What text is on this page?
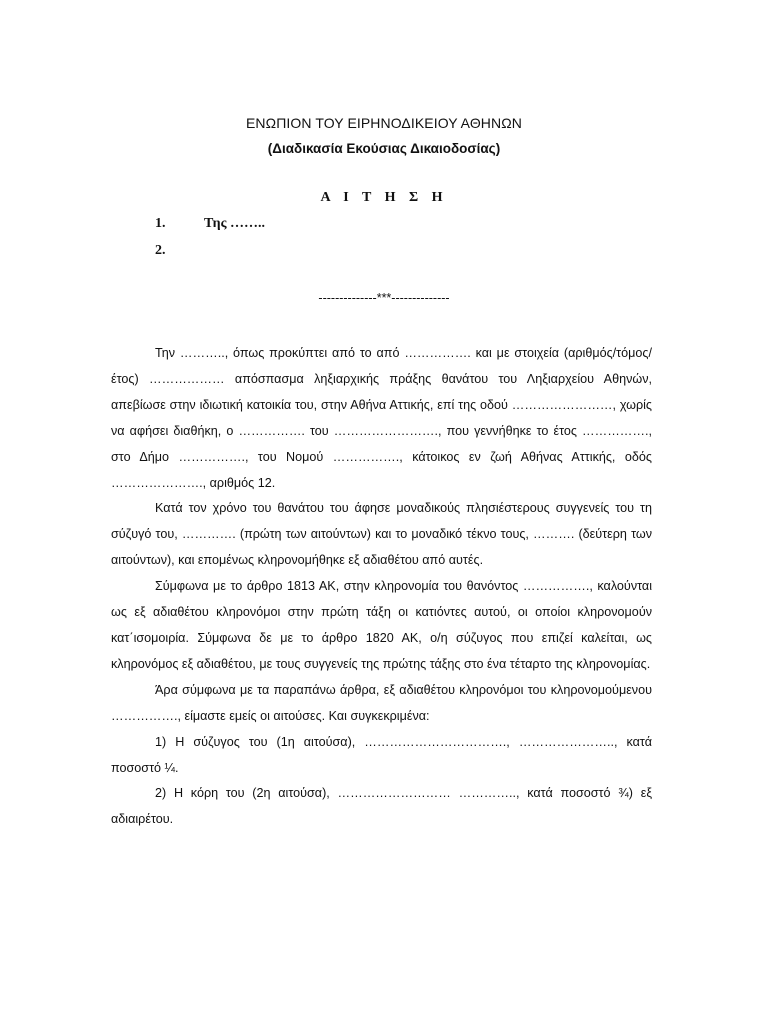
ΕΝΩΠΙΟΝ ΤΟΥ ΕΙΡΗΝΟΔΙΚΕΙΟΥ ΑΘΗΝΩΝ
(Διαδικασία Εκούσιας Δικαιοδοσίας)
Α Ι Τ Η Σ Η
1.	Της ……..
2.
--------------***--------------

Την ……….., όπως προκύπτει από το από ……………. και με στοιχεία (αριθμός/τόμος/έτος) ……………… απόσπασμα ληξιαρχικής πράξης θανάτου του Ληξιαρχείου Αθηνών, απεβίωσε στην ιδιωτική κατοικία του, στην Αθήνα Αττικής, επί της οδού ……………………, χωρίς να αφήσει διαθήκη, ο ……………. του ……………………., που γεννήθηκε το έτος ……………., στο Δήμο ……………., του Νομού ……………., κάτοικος εν ζωή Αθήνας Αττικής, οδός …………………., αριθμός 12.

Κατά τον χρόνο του θανάτου του άφησε μοναδικούς πλησιέστερους συγγενείς του τη σύζυγό του, …………. (πρώτη των αιτούντων) και το μοναδικό τέκνο τους, ………. (δεύτερη των αιτούντων), και επομένως κληρονομήθηκε εξ αδιαθέτου από αυτές.

Σύμφωνα με το άρθρο 1813 ΑΚ, στην κληρονομία του θανόντος ……………., καλούνται ως εξ αδιαθέτου κληρονόμοι στην πρώτη τάξη οι κατιόντες αυτού, οι οποίοι κληρονομούν κατ΄ισομοιρία. Σύμφωνα δε με το άρθρο 1820 ΑΚ, ο/η σύζυγος που επιζεί καλείται, ως κληρονόμος εξ αδιαθέτου, με τους συγγενείς της πρώτης τάξης στο ένα τέταρτο της κληρονομίας.

Άρα σύμφωνα με τα παραπάνω άρθρα, εξ αδιαθέτου κληρονόμοι του κληρονομούμενου ……………., είμαστε εμείς οι αιτούσες. Και συγκεκριμένα:

1) Η σύζυγος του (1η αιτούσα), ……………………………., ………………….., κατά ποσοστό ¼.

2) Η κόρη του (2η αιτούσα), ……………………… ………….., κατά ποσοστό ¾) εξ αδιαιρέτου.
